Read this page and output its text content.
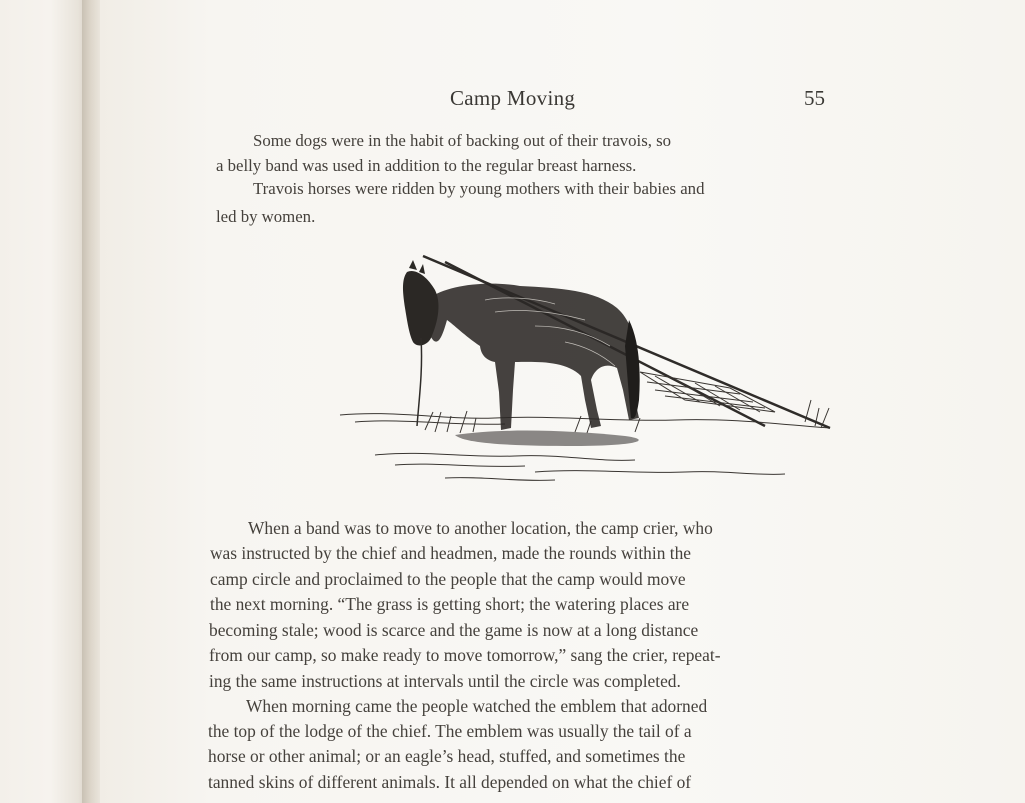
Camp Moving	55
Some dogs were in the habit of backing out of their travois, so
a belly band was used in addition to the regular breast harness.
Travois horses were ridden by young mothers with their babies and
led by women.
When a band was to move to another location, the camp crier, who
was instructed by the chief and headmen, made the rounds within the
camp circle and proclaimed to the people that the camp would move
the next morning. “The grass is getting short; the watering places are
becoming stale; wood is scarce and the game is now at a long distance
from our camp, so make ready to move tomorrow,” sang the crier, repeat-
ing the same instructions at intervals until the circle was completed.
When morning came the people watched the emblem that adorned
the top of the lodge of the chief. The emblem was usually the tail of a
horse or other animal; or an eagle’s head, stuffed, and sometimes the
tanned skins of different animals. It all depended on what the chief of
